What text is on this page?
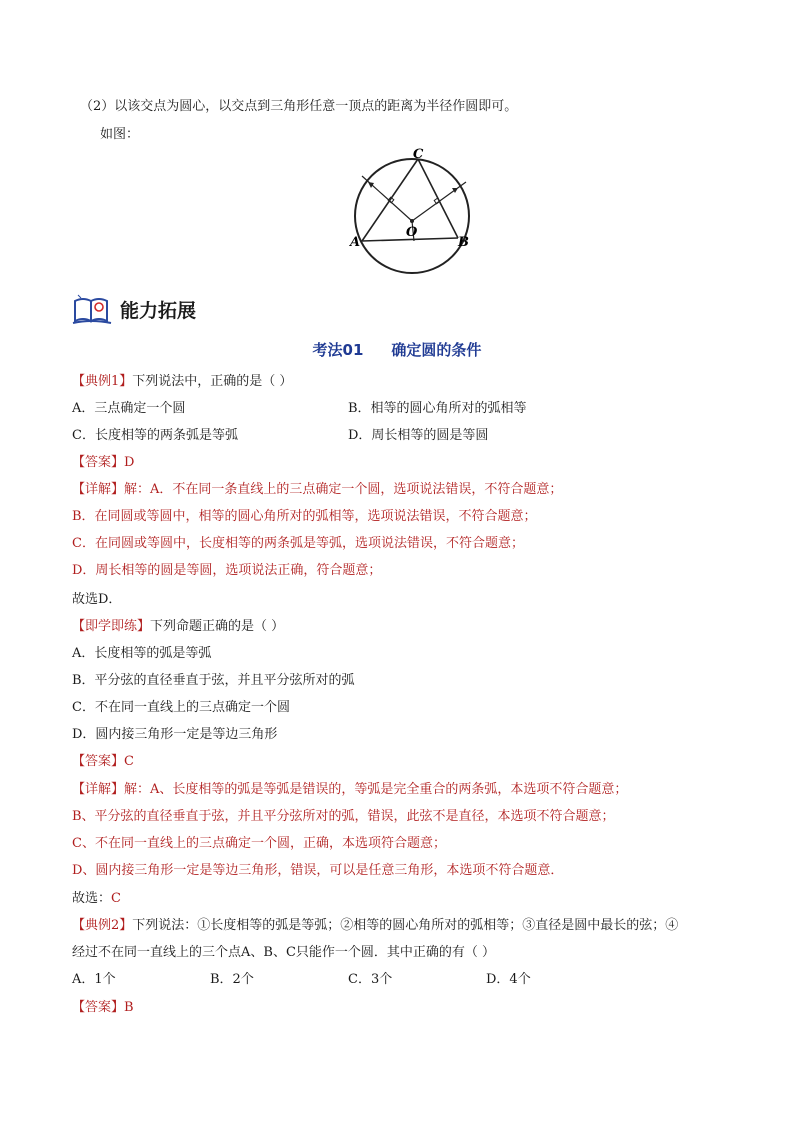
（2）以该交点为圆心，以交点到三角形任意一顶点的距离为半径作圆即可。
如图：
C
A
O
B
能力拓展
考法01 确定圆的条件
【典例1】下列说法中，正确的是（ ）
A．三点确定一个圆	B．相等的圆心角所对的弧相等
C．长度相等的两条弧是等弧	D．周长相等的圆是等圆
【答案】D
【详解】解：A．不在同一条直线上的三点确定一个圆，选项说法错误，不符合题意；
B．在同圆或等圆中，相等的圆心角所对的弧相等，选项说法错误，不符合题意；
C．在同圆或等圆中，长度相等的两条弧是等弧，选项说法错误，不符合题意；
D．周长相等的圆是等圆，选项说法正确，符合题意；
故选D．
【即学即练】下列命题正确的是（ ）
A．长度相等的弧是等弧
B．平分弦的直径垂直于弦，并且平分弦所对的弧
C．不在同一直线上的三点确定一个圆
D．圆内接三角形一定是等边三角形
【答案】C
【详解】解：A、长度相等的弧是等弧是错误的，等弧是完全重合的两条弧，本选项不符合题意；
B、平分弦的直径垂直于弦，并且平分弦所对的弧，错误，此弦不是直径，本选项不符合题意；
C、不在同一直线上的三点确定一个圆，正确，本选项符合题意；
D、圆内接三角形一定是等边三角形，错误，可以是任意三角形，本选项不符合题意．
故选：C
【典例2】下列说法：①长度相等的弧是等弧；②相等的圆心角所对的弧相等；③直径是圆中最长的弦；④
经过不在同一直线上的三个点A、B、C只能作一个圆．其中正确的有（ ）
A．1个	B．2个	C．3个	D．4个
【答案】B
